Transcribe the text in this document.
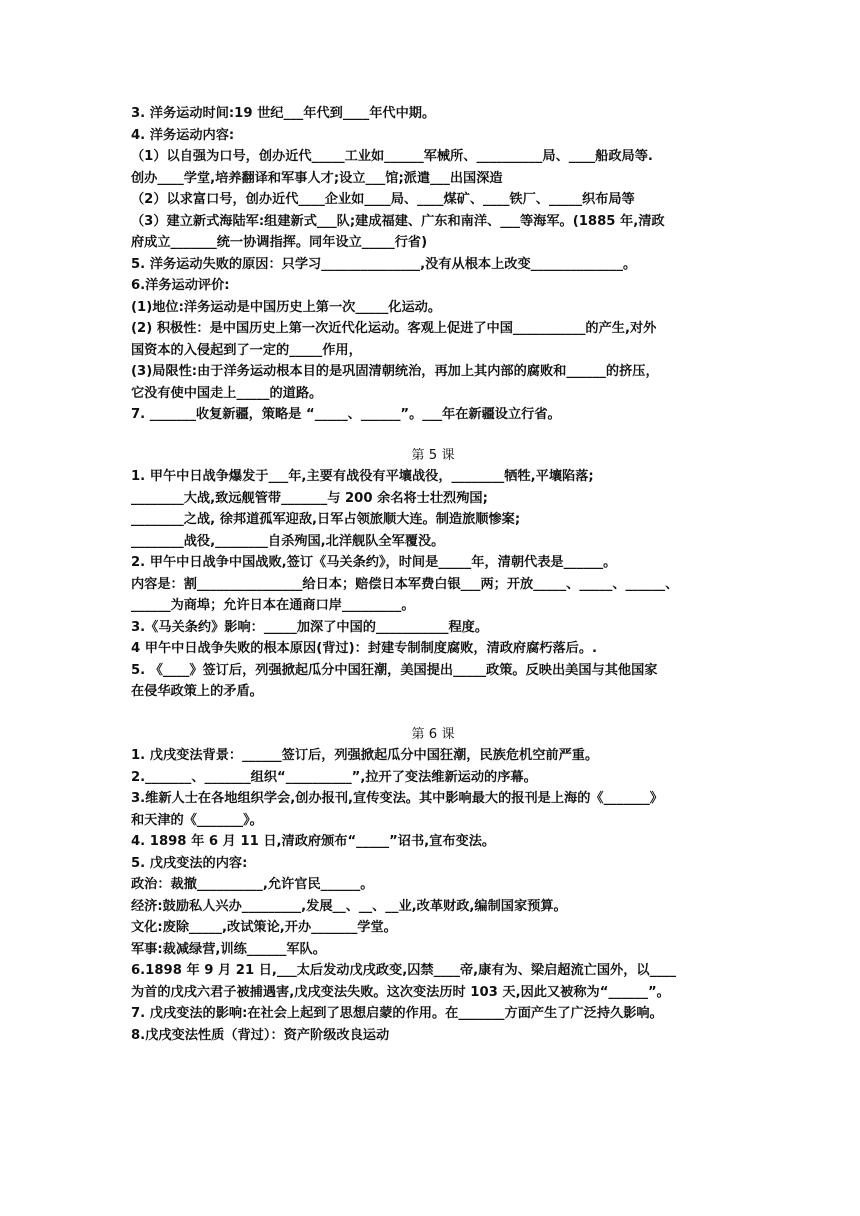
3. 洋务运动时间:19 世纪___年代到____年代中期。
4. 洋务运动内容:
（1）以自强为口号，创办近代_____工业如______军械所、__________局、____船政局等.
创办____学堂,培养翻译和军事人才;设立___馆;派遣___出国深造
（2）以求富口号，创办近代____企业如____局、____煤矿、____铁厂、_____织布局等
（3）建立新式海陆军:组建新式___队;建成福建、广东和南洋、___等海军。(1885 年,清政
府成立_______统一协调指挥。同年设立_____行省)
5. 洋务运动失败的原因：只学习_______________,没有从根本上改变______________。
6.洋务运动评价:
(1)地位:洋务运动是中国历史上第一次_____化运动。
(2) 积极性：是中国历史上第一次近代化运动。客观上促进了中国___________的产生,对外
国资本的入侵起到了一定的_____作用，
(3)局限性:由于洋务运动根本目的是巩固清朝统治，再加上其内部的腐败和______的挤压，
它没有使中国走上_____的道路。
7. _______收复新疆，策略是 “_____、______”。___年在新疆设立行省。
第 5 课
1. 甲午中日战争爆发于___年,主要有战役有平壤战役，________牺牲,平壤陷落;
________大战,致远舰管带_______与 200 余名将士壮烈殉国;
________之战, 徐邦道孤军迎敌,日军占领旅顺大连。制造旅顺惨案;
________战役,________自杀殉国,北洋舰队全军覆没。
2. 甲午中日战争中国战败,签订《马关条约》，时间是_____年，清朝代表是______。
内容是：割________________给日本；赔偿日本军费白银___两；开放_____、_____、______、
______为商埠；允许日本在通商口岸_________。
3.《马关条约》影响：_____加深了中国的___________程度。
4 甲午中日战争失败的根本原因(背过)：封建专制制度腐败，清政府腐朽落后。.
5. 《____》签订后，列强掀起瓜分中国狂潮，美国提出_____政策。反映出美国与其他国家
在侵华政策上的矛盾。
第 6 课
1. 戊戌变法背景：______签订后，列强掀起瓜分中国狂潮，民族危机空前严重。
2._______、_______组织“__________”,拉开了变法维新运动的序幕。
3.维新人士在各地组织学会,创办报刊,宣传变法。其中影响最大的报刊是上海的《_______》
和天津的《_______》。
4. 1898 年 6 月 11 日,清政府颁布“_____”诏书,宣布变法。
5. 戊戌变法的内容:
政治：裁撤__________,允许官民______。
经济:鼓励私人兴办_________,发展__、__、__业,改革财政,编制国家预算。
文化:废除_____,改试策论,开办_______学堂。
军事:裁减绿营,训练______军队。
6.1898 年 9 月 21 日,___太后发动戊戌政变,囚禁____帝,康有为、梁启超流亡国外，以____
为首的戊戌六君子被捕遇害,戊戌变法失败。这次变法历时 103 天,因此又被称为“______”。
7. 戊戌变法的影响:在社会上起到了思想启蒙的作用。在_______方面产生了广泛持久影响。
8.戊戌变法性质（背过）：资产阶级改良运动
